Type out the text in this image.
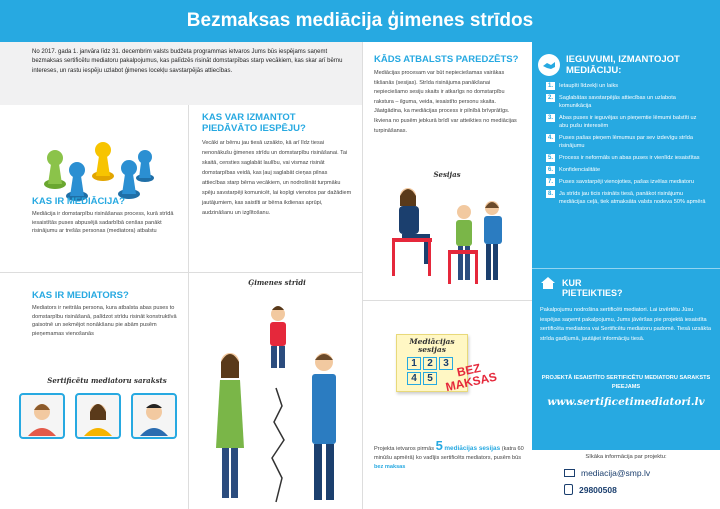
Bezmaksas mediācija ģimenes strīdos
No 2017. gada 1. janvāra līdz 31. decembrim valsts budžeta programmas ietvaros Jums būs iespējams saņemt bezmaksas sertificētu mediatoru pakalpojumus, kas palīdzēs risināt domstarpības starp vecākiem, kas skar arī bērnu intereses, un rastu iespēju uzlabot ģimenes locekļu savstarpējās attiecības.
KAS IR MEDIĀCIJA?
Mediācija ir domstarpību risināšanas process, kurā strīdā iesaistītās puses abpusējā sadarbībā cenšas panākt risinājumu ar trešās personas (mediatora) atbalstu
KAS IR MEDIATORS?
Mediators ir neitrāla persona, kura atbalsta abas puses to domstarpību risināšanā, palīdzot strīdu risināt konstruktīvā gaisotnē un sekmējot nonākšanu pie abām pusēm pieņemamas vienošanās
Sertificētu mediatoru saraksts
KAS VAR IZMANTOT PIEDĀVĀTO IESPĒJU?
Vecāki ar bērnu jau tiesā uzsākto, kā arī līdz tiesai nenonākušu ģimenes strīdu un domstarpību risināšanai. Tai skaitā, censties saglabāt laulību, vai vismaz risināt domstarpības veidā, kas ļauj saglabāt cieņas pilnas attiecības starp bērna vecākiem, un nodrošināt turpmāku spēju savstarpēji komunicēt, lai kopīgi vienotos par dažādiem jautājumiem, kas saistīti ar bērna ikdienas aprūpi, audzināšanu un izglītošanu.
Ģimenes strīdi
KĀDS ATBALSTS PAREDZĒTS?
Mediācijas procesam var būt nepieciešamas vairākas tikšanās (sesijas). Strīda risinājuma panākšanai nepieciešamo sesiju skaits ir atkarīgs no domstarpību rakstura – ilguma, veida, iesaistīto personu skaita. Jāatgādina, ka mediācijas process ir pilnībā brīvprātīgs. Ikviena no pusēm jebkurā brīdī var atteikties no mediācijas turpināšanas.
Sesijas
Mediācijas sesijas
1	2	3
4	5	BEZ MAKSAS
Projekta ietvaros pirmās 5 mediācijas sesijas (katra 60 minūšu apmērā) ko vadījis sertificēts mediators, pusēm būs bez maksas
IEGUVUMI, IZMANTOJOT MEDIĀCIJU:
1.	Ietaupīti līdzekļi un laiks
2.	Saglabātas savstarpējās attiecības un uzlabota komunikācija
3.	Abas puses ir ieguvējas un pieņemtie lēmumi balstīti uz abu pušu interesēm
4.	Puses pašas pieņem lēmumus par sev izdevīgu strīda risinājumu
5.	Process ir neformāls un abas puses ir vienlīdz iesaistītas
6.	Konfidencialitāte
7.	Puses savstarpēji vienojoties, pašas izvēlas mediatoru
8.	Ja strīds jau ticis risināts tiesā, panākot risinājumu mediācijas ceļā, tiek atmaksāta valsts nodeva 50% apmērā
KUR PIETEIKTIES?
Pakalpojumu nodrošina sertificēti mediatori. Lai izvērtētu Jūsu iespējas saņemt pakalpojumu, Jums jāvēršas pie projektā iesaistīta sertificēta mediatora vai Sertificētu mediatoru padomē. Tiesā uzsākta strīda gadījumā, jautājiet informāciju tiesā.
PROJEKTĀ IESAISTĪTO SERTIFICĒTU MEDIATORU SARAKSTS PIEEJAMS
www.sertificetimediatori.lv
Sīkāka informācija par projektu:
mediacija@smp.lv
29800508
